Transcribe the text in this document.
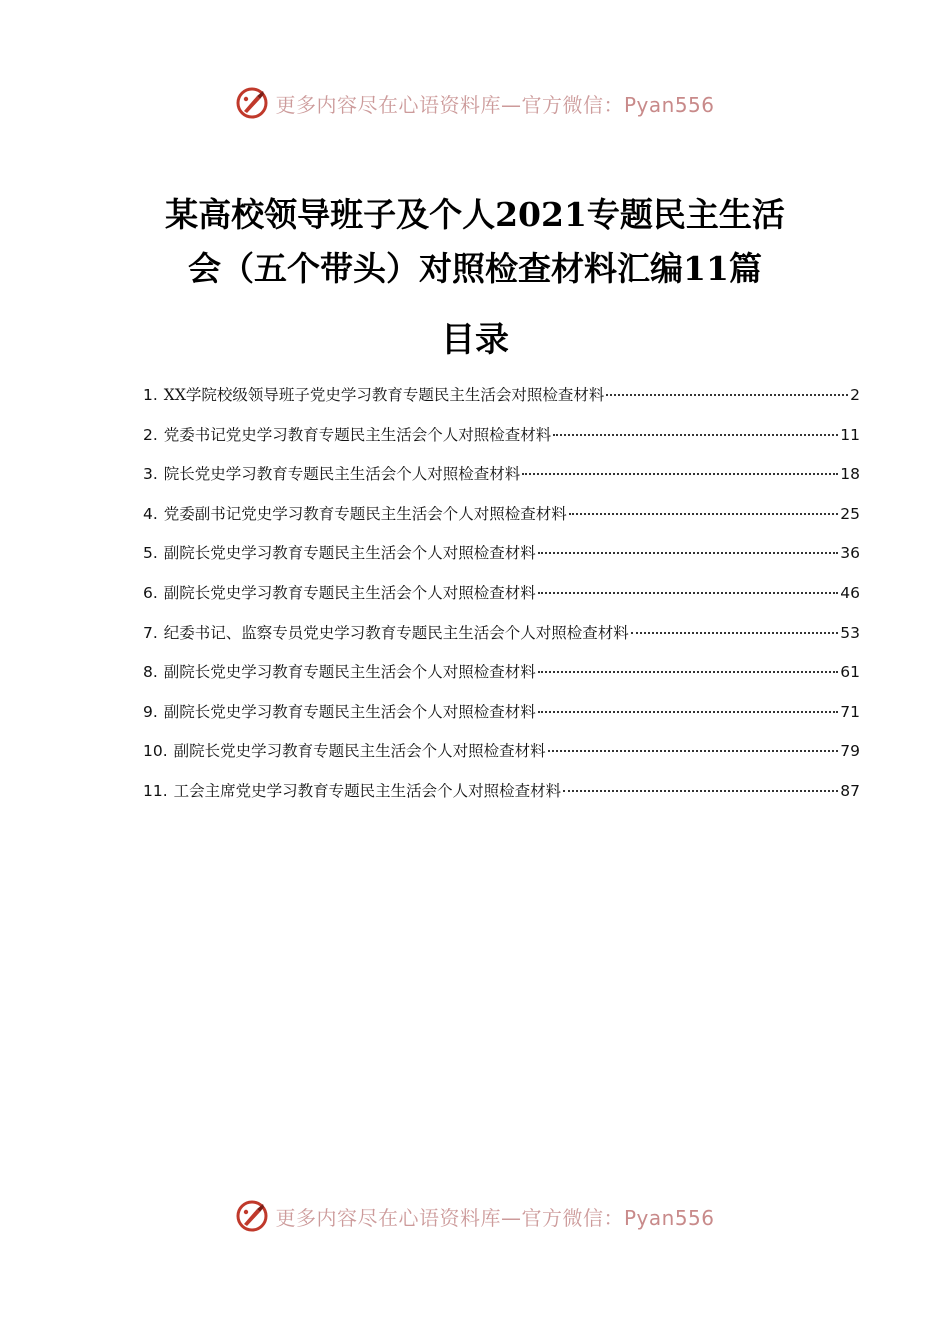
更多内容尽在心语资料库—官方微信：Pyan556
某高校领导班子及个人2021专题民主生活
会（五个带头）对照检查材料汇编11篇
目录
1. XX学院校级领导班子党史学习教育专题民主生活会对照检查材料	2
2. 党委书记党史学习教育专题民主生活会个人对照检查材料	11
3. 院长党史学习教育专题民主生活会个人对照检查材料	18
4. 党委副书记党史学习教育专题民主生活会个人对照检查材料	25
5. 副院长党史学习教育专题民主生活会个人对照检查材料	36
6. 副院长党史学习教育专题民主生活会个人对照检查材料	46
7. 纪委书记、监察专员党史学习教育专题民主生活会个人对照检查材料	53
8. 副院长党史学习教育专题民主生活会个人对照检查材料	61
9. 副院长党史学习教育专题民主生活会个人对照检查材料	71
10. 副院长党史学习教育专题民主生活会个人对照检查材料	79
11. 工会主席党史学习教育专题民主生活会个人对照检查材料	87
更多内容尽在心语资料库—官方微信：Pyan556
